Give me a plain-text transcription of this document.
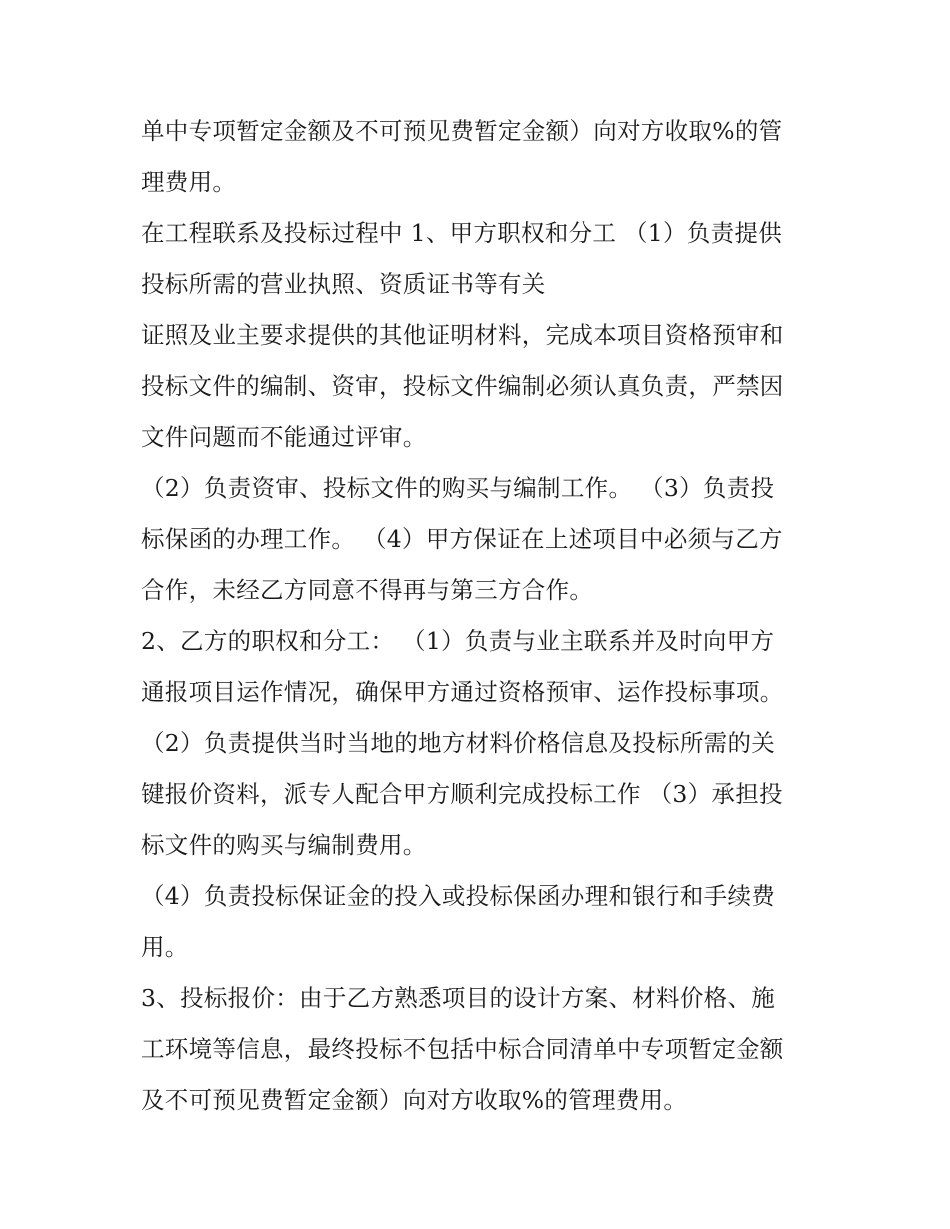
单中专项暂定金额及不可预见费暂定金额）向对方收取%的管
理费用。
在工程联系及投标过程中 1、甲方职权和分工 （1）负责提供
投标所需的营业执照、资质证书等有关
证照及业主要求提供的其他证明材料，完成本项目资格预审和
投标文件的编制、资审，投标文件编制必须认真负责，严禁因
文件问题而不能通过评审。
（2）负责资审、投标文件的购买与编制工作。 （3）负责投
标保函的办理工作。 （4）甲方保证在上述项目中必须与乙方
合作，未经乙方同意不得再与第三方合作。
2、乙方的职权和分工： （1）负责与业主联系并及时向甲方
通报项目运作情况，确保甲方通过资格预审、运作投标事项。
（2）负责提供当时当地的地方材料价格信息及投标所需的关
键报价资料，派专人配合甲方顺利完成投标工作 （3）承担投
标文件的购买与编制费用。
（4）负责投标保证金的投入或投标保函办理和银行和手续费
用。
3、投标报价：由于乙方熟悉项目的设计方案、材料价格、施
工环境等信息，最终投标不包括中标合同清单中专项暂定金额
及不可预见费暂定金额）向对方收取%的管理费用。
